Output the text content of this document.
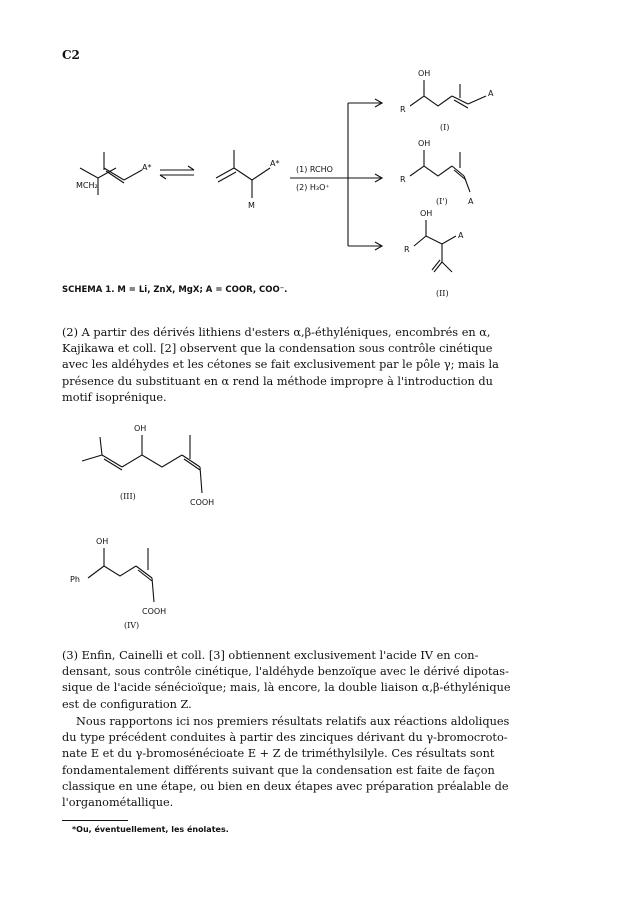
C2
A*
MCH₂
A*
M
(1) RCHO
(2) H₃O⁺
OH
R
A
(I)
OH
R
A
(I')
OH
R
A
(II)
SCHEMA 1. M = Li, ZnX, MgX; A = COOR, COO⁻.
(2) A partir des dérivés lithiens d'esters α,β-éthyléniques, encombrés en α,
Kajikawa et coll. [2] observent que la condensation sous contrôle cinétique
avec les aldéhydes et les cétones se fait exclusivement par le pôle γ; mais la
présence du substituant en α rend la méthode impropre à l'introduction du
motif isoprénique.
OH
COOH
(III)
OH
Ph
COOH
(IV)
(3) Enfin, Cainelli et coll. [3] obtiennent exclusivement l'acide IV en con-
densant, sous contrôle cinétique, l'aldéhyde benzoïque avec le dérivé dipotas-
sique de l'acide sénécioïque; mais, là encore, la double liaison α,β-éthylénique
est de configuration Z.
Nous rapportons ici nos premiers résultats relatifs aux réactions aldoliques
du type précédent conduites à partir des zinciques dérivant du γ-bromocroto-
nate E et du γ-bromosénécioate E + Z de triméthylsilyle. Ces résultats sont
fondamentalement différents suivant que la condensation est faite de façon
classique en une étape, ou bien en deux étapes avec préparation préalable de
l'organométallique.
*Ou, éventuellement, les énolates.
